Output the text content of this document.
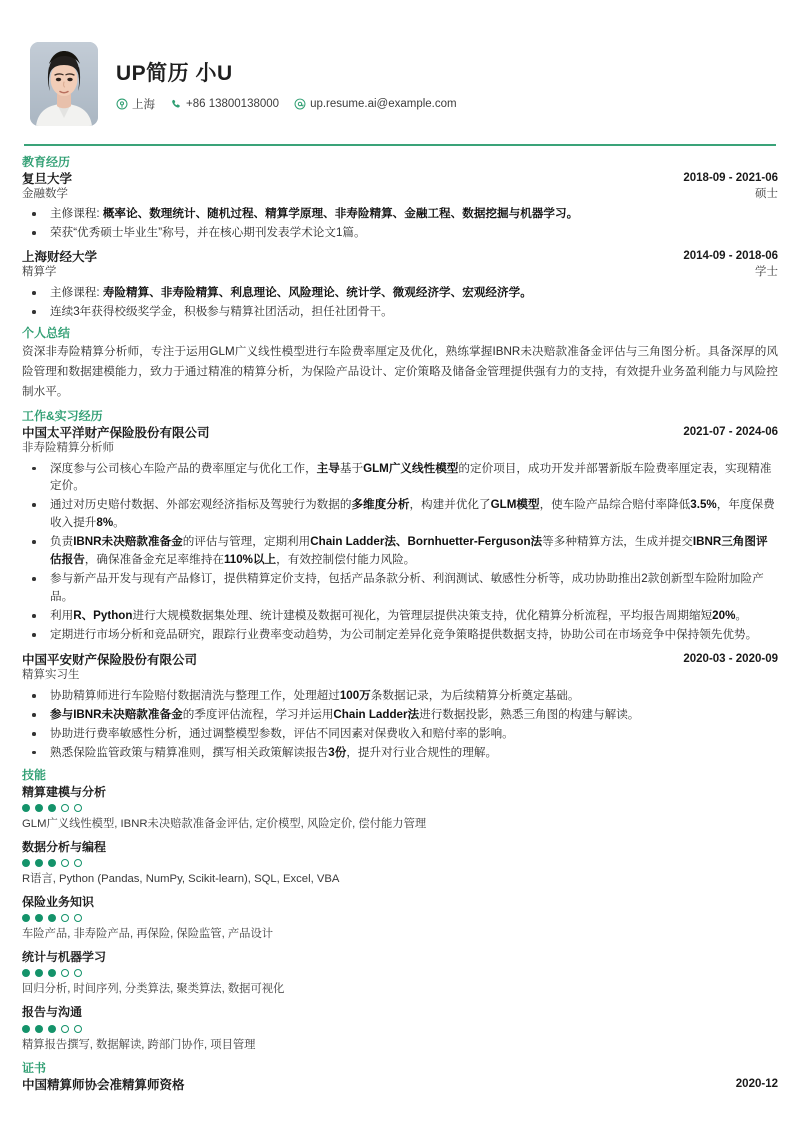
UP简历 小U
上海	+86 13800138000	up.resume.ai@example.com
教育经历
复旦大学	2018-09 - 2021-06
金融数学	硕士
主修课程: 概率论、数理统计、随机过程、精算学原理、非寿险精算、金融工程、数据挖掘与机器学习。
荣获“优秀硕士毕业生”称号，并在核心期刊发表学术论文1篇。
上海财经大学	2014-09 - 2018-06
精算学	学士
主修课程: 寿险精算、非寿险精算、利息理论、风险理论、统计学、微观经济学、宏观经济学。
连续3年获得校级奖学金，积极参与精算社团活动，担任社团骨干。
个人总结
资深非寿险精算分析师，专注于运用GLM广义线性模型进行车险费率厘定及优化，熟练掌握IBNR未决赔款准备金评估与三角图分析。具备深厚的风险管理和数据建模能力，致力于通过精准的精算分析，为保险产品设计、定价策略及储备金管理提供强有力的支持，有效提升业务盈利能力与风险控制水平。
工作&实习经历
中国太平洋财产保险股份有限公司	2021-07 - 2024-06
非寿险精算分析师
深度参与公司核心车险产品的费率厘定与优化工作，主导基于GLM广义线性模型的定价项目，成功开发并部署新版车险费率厘定表，实现精准定价。
通过对历史赔付数据、外部宏观经济指标及驾驶行为数据的多维度分析，构建并优化了GLM模型，使车险产品综合赔付率降低3.5%，年度保费收入提升8%。
负责IBNR未决赔款准备金的评估与管理，定期利用Chain Ladder法、Bornhuetter-Ferguson法等多种精算方法，生成并提交IBNR三角图评估报告，确保准备金充足率维持在110%以上，有效控制偿付能力风险。
参与新产品开发与现有产品修订，提供精算定价支持，包括产品条款分析、利润测试、敏感性分析等，成功协助推出2款创新型车险附加险产品。
利用R、Python进行大规模数据集处理、统计建模及数据可视化，为管理层提供决策支持，优化精算分析流程，平均报告周期缩短20%。
定期进行市场分析和竞品研究，跟踪行业费率变动趋势，为公司制定差异化竞争策略提供数据支持，协助公司在市场竞争中保持领先优势。
中国平安财产保险股份有限公司	2020-03 - 2020-09
精算实习生
协助精算师进行车险赔付数据清洗与整理工作，处理超过100万条数据记录，为后续精算分析奠定基础。
参与IBNR未决赔款准备金的季度评估流程，学习并运用Chain Ladder法进行数据投影，熟悉三角图的构建与解读。
协助进行费率敏感性分析，通过调整模型参数，评估不同因素对保费收入和赔付率的影响。
熟悉保险监管政策与精算准则，撰写相关政策解读报告3份，提升对行业合规性的理解。
技能
精算建模与分析
GLM广义线性模型, IBNR未决赔款准备金评估, 定价模型, 风险定价, 偿付能力管理
数据分析与编程
R语言, Python (Pandas, NumPy, Scikit-learn), SQL, Excel, VBA
保险业务知识
车险产品, 非寿险产品, 再保险, 保险监管, 产品设计
统计与机器学习
回归分析, 时间序列, 分类算法, 聚类算法, 数据可视化
报告与沟通
精算报告撰写, 数据解读, 跨部门协作, 项目管理
证书
中国精算师协会准精算师资格	2020-12
